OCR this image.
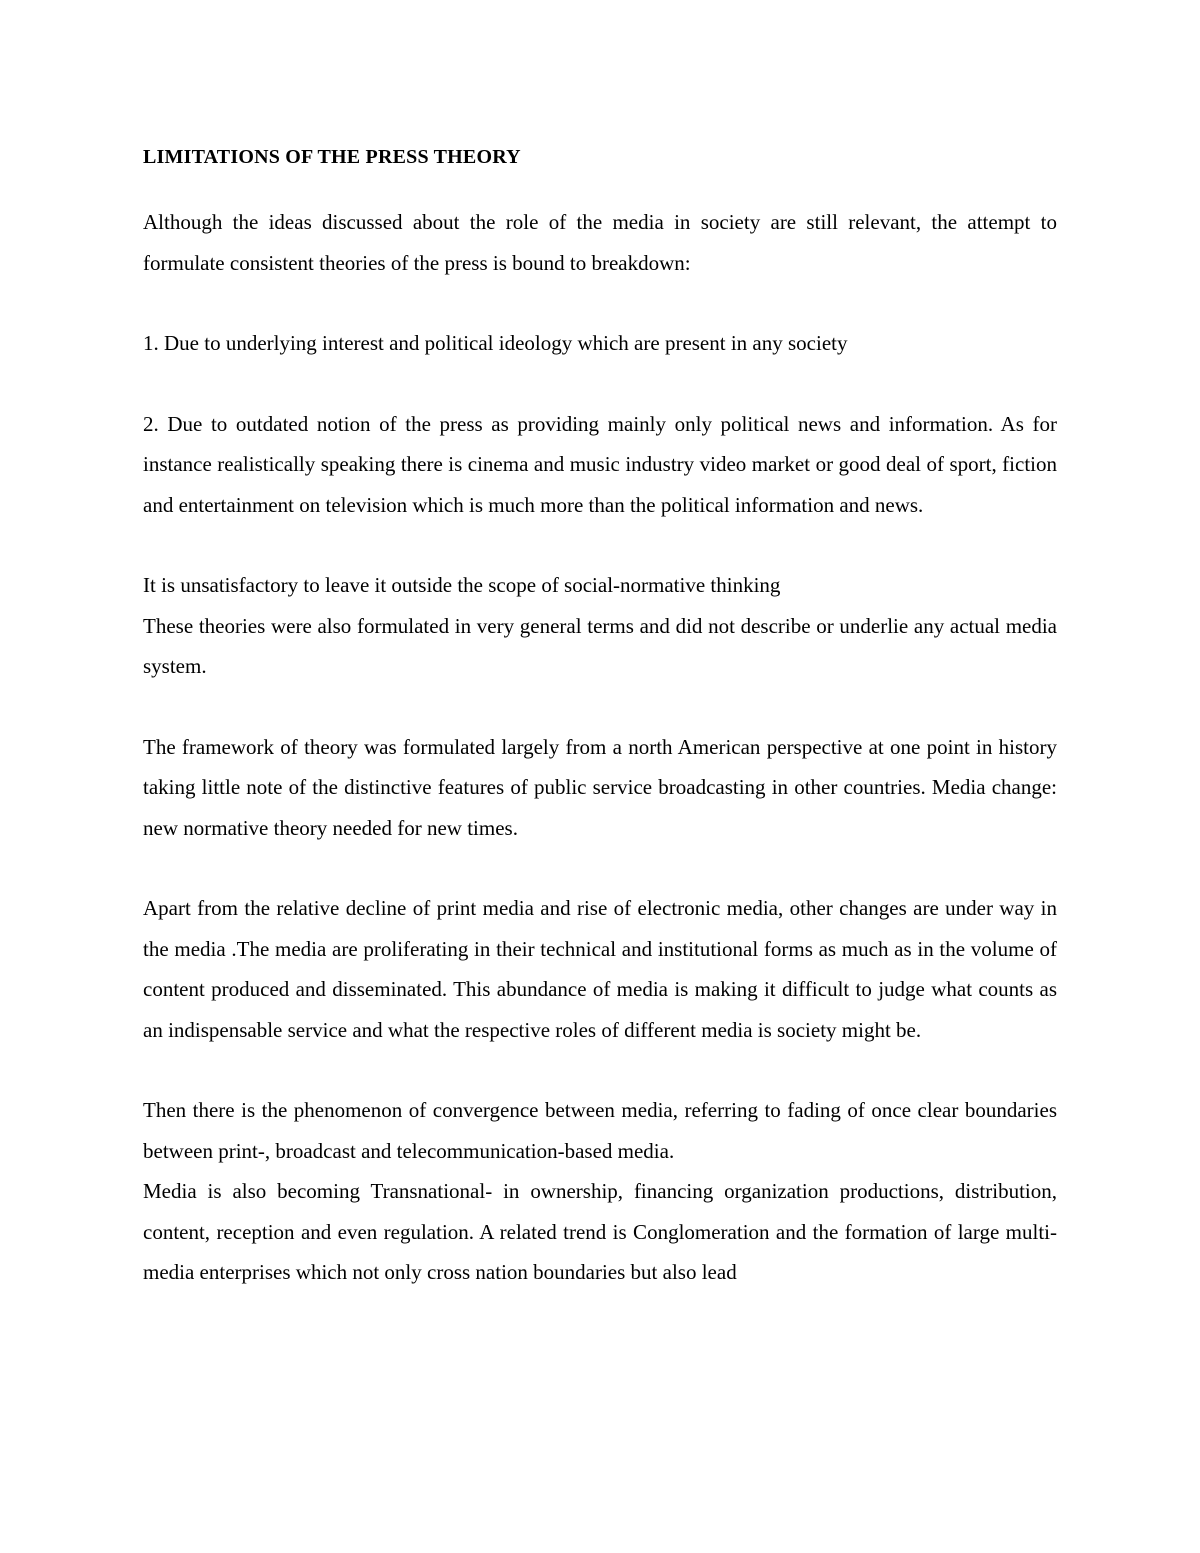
LIMITATIONS OF THE PRESS THEORY

Although the ideas discussed about the role of the media in society are still relevant, the attempt to formulate consistent theories of the press is bound to breakdown:

1. Due to underlying interest and political ideology which are present in any society

2. Due to outdated notion of the press as providing mainly only political news and information. As for instance realistically speaking there is cinema and music industry video market or good deal of sport, fiction and entertainment on television which is much more than the political information and news.

It is unsatisfactory to leave it outside the scope of social-normative thinking

These theories were also formulated in very general terms and did not describe or underlie any actual media system.

The framework of theory was formulated largely from a north American perspective at one point in history taking little note of the distinctive features of public service broadcasting in other countries. Media change: new normative theory needed for new times.

Apart from the relative decline of print media and rise of electronic media, other changes are under way in the media .The media are proliferating in their technical and institutional forms as much as in the volume of content produced and disseminated. This abundance of media is making it difficult to judge what counts as an indispensable service and what the respective roles of different media is society might be.

Then there is the phenomenon of convergence between media, referring to fading of once clear boundaries between print-, broadcast and telecommunication-based media.

Media is also becoming Transnational- in ownership, financing organization productions, distribution, content, reception and even regulation. A related trend is Conglomeration and the formation of large multi-media enterprises which not only cross nation boundaries but also lead
